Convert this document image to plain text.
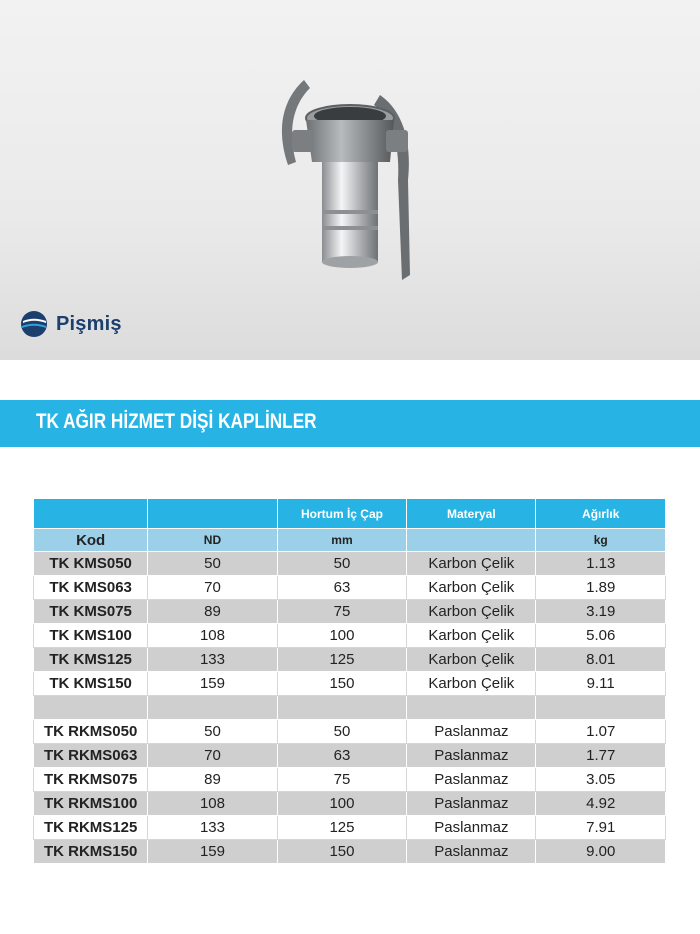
Pişmiş
TK AĞIR HİZMET DİŞİ KAPLİNLER
		Hortum İç Çap	Materyal	Ağırlık
Kod	ND	mm		kg
TK KMS050	50	50	Karbon Çelik	1.13
TK KMS063	70	63	Karbon Çelik	1.89
TK KMS075	89	75	Karbon Çelik	3.19
TK KMS100	108	100	Karbon Çelik	5.06
TK KMS125	133	125	Karbon Çelik	8.01
TK KMS150	159	150	Karbon Çelik	9.11

TK RKMS050	50	50	Paslanmaz	1.07
TK RKMS063	70	63	Paslanmaz	1.77
TK RKMS075	89	75	Paslanmaz	3.05
TK RKMS100	108	100	Paslanmaz	4.92
TK RKMS125	133	125	Paslanmaz	7.91
TK RKMS150	159	150	Paslanmaz	9.00
